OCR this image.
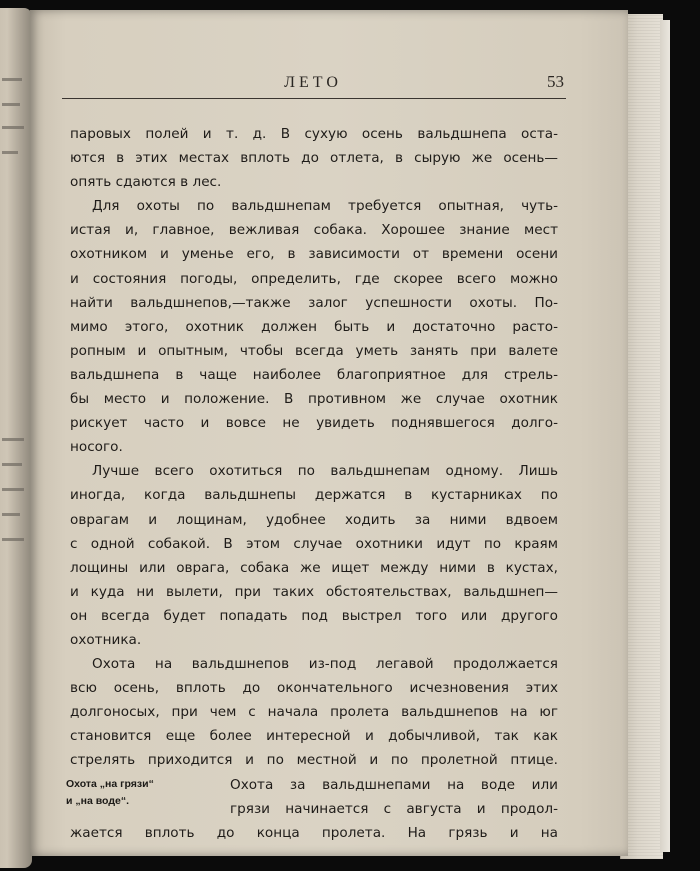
ЛЕТО	53

паровых полей и т. д. В сухую осень вальдшнепа оста-
ются в этих местах вплоть до отлета, в сырую же осень—
опять сдаются в лес.

Для охоты по вальдшнепам требуется опытная, чуть-
истая и, главное, вежливая собака. Хорошее знание мест
охотником и уменье его, в зависимости от времени осени
и состояния погоды, определить, где скорее всего можно
найти вальдшнепов,—также залог успешности охоты. По-
мимо этого, охотник должен быть и достаточно расто-
ропным и опытным, чтобы всегда уметь занять при валете
вальдшнепа в чаще наиболее благоприятное для стрель-
бы место и положение. В противном же случае охотник
рискует часто и вовсе не увидеть поднявшегося долго-
носого.

Лучше всего охотиться по вальдшнепам одному. Лишь
иногда, когда вальдшнепы держатся в кустарниках по
оврагам и лощинам, удобнее ходить за ними вдвоем
с одной собакой. В этом случае охотники идут по краям
лощины или оврага, собака же ищет между ними в кустах,
и куда ни вылети, при таких обстоятельствах, вальдшнеп—
он всегда будет попадать под выстрел того или другого
охотника.

Охота на вальдшнепов из-под легавой продолжается
всю осень, вплоть до окончательного исчезновения этих
долгоносых, при чем с начала пролета вальдшнепов на юг
становится еще более интересной и добычливой, так как
стрелять приходится и по местной и по пролетной птице.

Охота „на грязи“
и „на воде“.

Охота за вальдшнепами на воде или
грязи начинается с августа и продол-
жается вплоть до конца пролета. На грязь и на
